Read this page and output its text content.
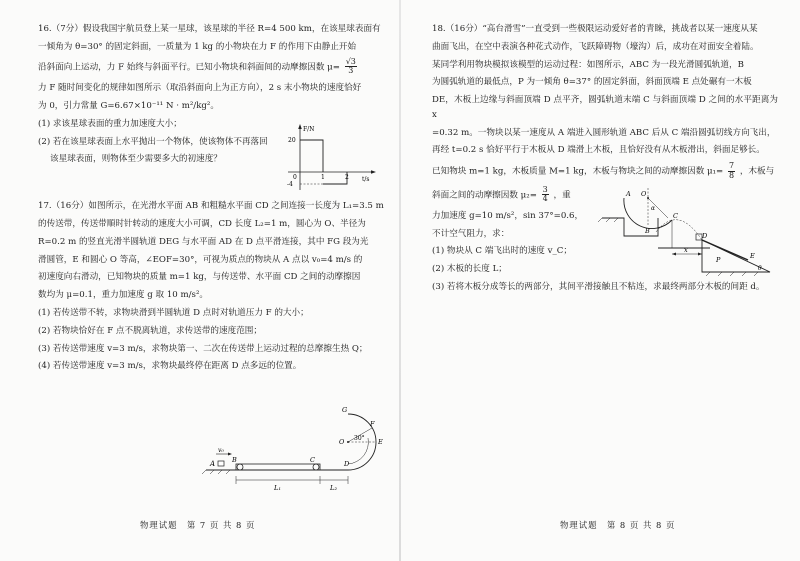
16.（7分）假设我国宇航员登上某一星球，该星球的半径 R=4 500 km，在该星球表面有

一倾角为 θ=30° 的固定斜面，一质量为 1 kg 的小物块在力 F 的作用下由静止开始

沿斜面向上运动，力 F 始终与斜面平行。已知小物块和斜面间的动摩擦因数 $\mu= \frac{√3}{3}$

力 F 随时间变化的规律如图所示（取沿斜面向上为正方向），2 s 末小物块的速度恰好

为 0，引力常量 G=6.67×10⁻¹¹ N · m²/kg²。

(1) 求该星球表面的重力加速度大小；

(2) 若在该星球表面上水平抛出一个物体，使该物体不再落回

该星球表面，则物体至少需要多大的初速度？

F/N
t/s
20
-4
0	1	2

17.（16分）如图所示，在光滑水平面 AB 和粗糙水平面 CD 之间连接一长度为 L₁=3.5 m

的传送带，传送带順时针转动的速度大小可调，CD 长度 L₂=1 m，圆心为 O、半径为

R=0.2 m 的竖直光滑半圆轨道 DEG 与水平面 AD 在 D 点平滑连接，其中 FG 段为光

滑圆管，E 和圆心 O 等高，∠EOF=30°，可视为质点的物块从 A 点以 v₀=4 m/s 的

初速度向右滑动，已知物块的质量 m=1 kg，与传送带、水平面 CD 之间的动摩擦因

数均为 μ=0.1，重力加速度 g 取 10 m/s²。

(1) 若传送带不转，求物块滑到半圆轨道 D 点时对轨道压力 F 的大小；

(2) 若物块恰好在 F 点不脱离轨道，求传送带的速度范围；

(3) 若传送带速度 v=3 m/s，求物块第一、二次在传送带上运动过程的总摩擦生热 Q；

(4) 若传送带速度 v=3 m/s，求物块最终停在距离 D 点多远的位置。

A
v₀
B	C	D
G
F
E
O 30°
L₁	L₂
物理试题　第 7 页 共 8 页

18.（16分）“高台滑雪”一直受到一些极限运动爱好者的青睐，挑战者以某一速度从某

曲面飞出，在空中表演各种花式动作，飞跃障碍物（壕沟）后，成功在对面安全着陆。

某同学利用物块模拟该模型的运动过程：如图所示，ABC 为一段光滑圆弧轨道，B

为圆弧轨道的最低点，P 为一倾角 θ=37° 的固定斜面，斜面顶端 E 点处碾有一木板

DE，木板上边缘与斜面顶端 D 点平齐，圆弧轨道末端 C 与斜面顶端 D 之间的水平距离为 x

=0.32 m。一物块以某一速度从 A 端进入圆形轨道 ABC 后从 C 端沿圆弧切线方向飞出，

再经 t=0.2 s 恰好平行于木板从 D 端滑上木板，且恰好没有从木板滑出，斜面足够长。

已知物块 m=1 kg，木板质量 M=1 kg，木板与物块之间的动摩擦因数 $\mu_1= \frac{7}{8}$ ，木板与

斜面之间的动摩擦因数 $\mu_2= \frac{3}{4}$ ，重

力加速度 g=10 m/s²，sin 37°=0.6，

不计空气阻力，求：

(1) 物块从 C 端飞出时的速度 v_C；

(2) 木板的长度 L；

(3) 若将木板分成等长的两部分，其间平滑接触且不粘连，求最终两部分木板的间距 d。

A O
α
B
C
D
E
P
x
θ
物理试题　第 8 页 共 8 页
